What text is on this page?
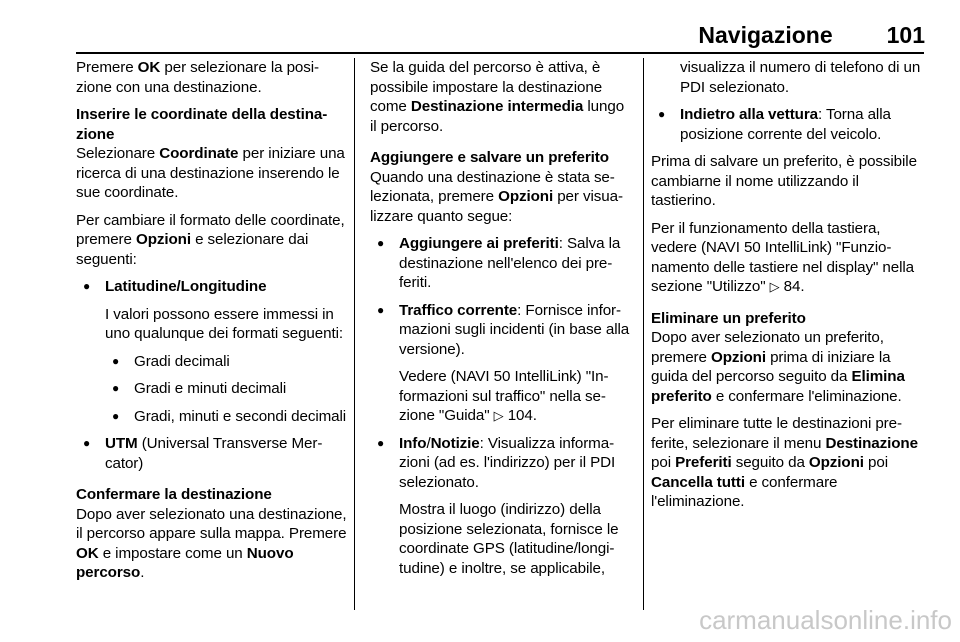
Navigazione 101

Premere OK per selezionare la posizione con una destinazione.

Inserire le coordinate della destinazione

Selezionare Coordinate per iniziare una ricerca di una destinazione inserendo le sue coordinate.

Per cambiare il formato delle coordinate, premere Opzioni e selezionare dai seguenti:

● Latitudine/Longitudine

I valori possono essere immessi in uno qualunque dei formati seguenti:

● Gradi decimali
● Gradi e minuti decimali
● Gradi, minuti e secondi decimali
● UTM (Universal Transverse Mercator)
Confermare la destinazione

Dopo aver selezionato una destinazione, il percorso appare sulla mappa. Premere OK e impostare come un Nuovo percorso.

Se la guida del percorso è attiva, è possibile impostare la destinazione come Destinazione intermedia lungo il percorso.

Aggiungere e salvare un preferito

Quando una destinazione è stata selezionata, premere Opzioni per visualizzare quanto segue:

● Aggiungere ai preferiti: Salva la destinazione nell'elenco dei preferiti.
● Traffico corrente: Fornisce informazioni sugli incidenti (in base alla versione).

Vedere (NAVI 50 IntelliLink) "Informazioni sul traffico" nella sezione "Guida" ▷ 104.

● Info/Notizie: Visualizza informazioni (ad es. l'indirizzo) per il PDI selezionato.

Mostra il luogo (indirizzo) della posizione selezionata, fornisce le coordinate GPS (latitudine/longitudine) e inoltre, se applicabile,

visualizza il numero di telefono di un PDI selezionato.

● Indietro alla vettura: Torna alla posizione corrente del veicolo.

Prima di salvare un preferito, è possibile cambiarne il nome utilizzando il tastierino.

Per il funzionamento della tastiera, vedere (NAVI 50 IntelliLink) "Funzionamento delle tastiere nel display" nella sezione "Utilizzo" ▷ 84.

Eliminare un preferito

Dopo aver selezionato un preferito, premere Opzioni prima di iniziare la guida del percorso seguito da Elimina preferito e confermare l'eliminazione.

Per eliminare tutte le destinazioni preferite, selezionare il menu Destinazione poi Preferiti seguito da Opzioni poi Cancella tutti e confermare l'eliminazione.

carmanualsonline.info
